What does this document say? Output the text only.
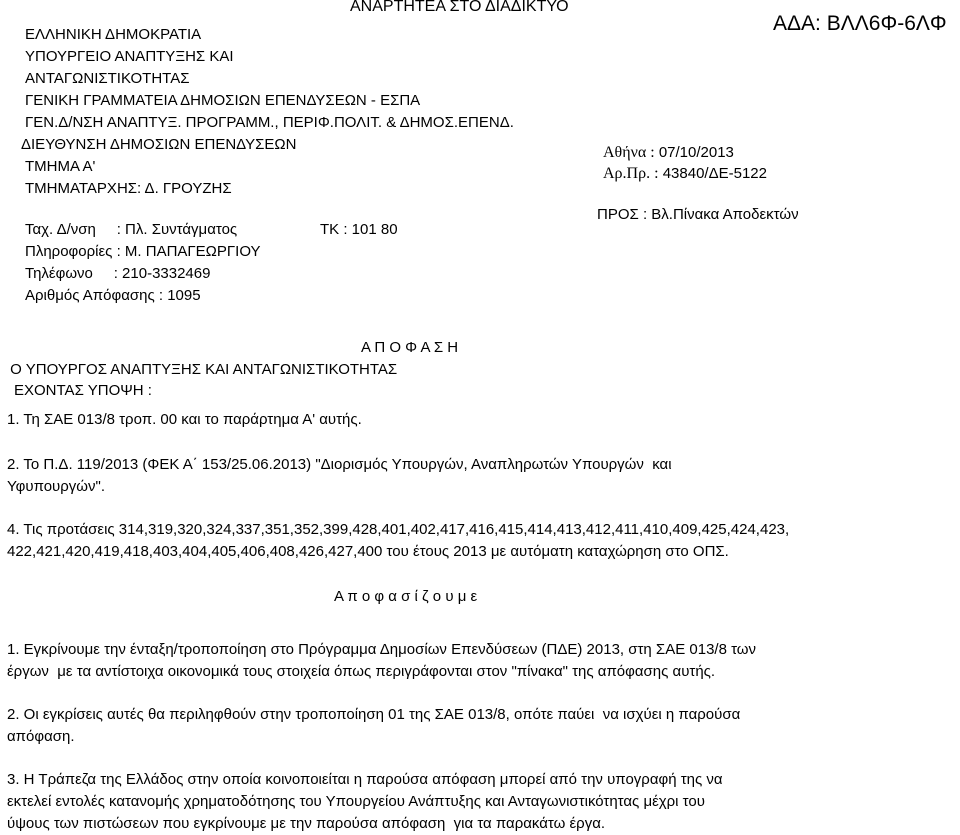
ΑΝΑΡΤΗΤΕΑ ΣΤΟ ΔΙΑΔΙΚΤΥΟ
ΑΔΑ: ΒΛΛ6Φ-6ΛΦ
ΕΛΛΗΝΙΚΗ ΔΗΜΟΚΡΑΤΙΑ
ΥΠΟΥΡΓΕΙΟ ΑΝΑΠΤΥΞΗΣ ΚΑΙ
ΑΝΤΑΓΩΝΙΣΤΙΚΟΤΗΤΑΣ
ΓΕΝΙΚΗ ΓΡΑΜΜΑΤΕΙΑ ΔΗΜΟΣΙΩΝ ΕΠΕΝΔΥΣΕΩΝ - ΕΣΠΑ
ΓΕΝ.Δ/ΝΣΗ ΑΝΑΠΤΥΞ. ΠΡΟΓΡΑΜΜ., ΠΕΡΙΦ.ΠΟΛΙΤ. & ΔΗΜΟΣ.ΕΠΕΝΔ.
ΔΙΕΥΘΥΝΣΗ ΔΗΜΟΣΙΩΝ ΕΠΕΝΔΥΣΕΩΝ
ΤΜΗΜΑ Α'
ΤΜΗΜΑΤΑΡΧΗΣ: Δ. ΓΡΟΥΖΗΣ
Αθήνα : 07/10/2013
Αρ.Πρ. : 43840/ΔΕ-5122
ΠΡΟΣ : Βλ.Πίνακα Αποδεκτών
Ταχ. Δ/νση     : Πλ. Συντάγματος	ΤΚ : 101 80
Πληροφορίες : Μ. ΠΑΠΑΓΕΩΡΓΙΟΥ
Τηλέφωνο     : 210-3332469
Αριθμός Απόφασης : 1095
Α Π Ο Φ Α Σ Η
Ο ΥΠΟΥΡΓΟΣ ΑΝΑΠΤΥΞΗΣ ΚΑΙ ΑΝΤΑΓΩΝΙΣΤΙΚΟΤΗΤΑΣ
ΕΧΟΝΤΑΣ ΥΠΟΨΗ :
1. Τη ΣΑΕ 013/8 τροπ. 00 και το παράρτημα Α' αυτής.
2. Το Π.Δ. 119/2013 (ΦΕΚ Α΄ 153/25.06.2013) "Διορισμός Υπουργών, Αναπληρωτών Υπουργών  και
Υφυπουργών".
4. Τις προτάσεις 314,319,320,324,337,351,352,399,428,401,402,417,416,415,414,413,412,411,410,409,425,424,423,
422,421,420,419,418,403,404,405,406,408,426,427,400 του έτους 2013 με αυτόματη καταχώρηση στο ΟΠΣ.
Α π ο φ α σ ί ζ ο υ μ ε
1. Εγκρίνουμε την ένταξη/τροποποίηση στο Πρόγραμμα Δημοσίων Επενδύσεων (ΠΔΕ) 2013, στη ΣΑΕ 013/8 των
έργων  με τα αντίστοιχα οικονομικά τους στοιχεία όπως περιγράφονται στον "πίνακα" της απόφασης αυτής.
2. Οι εγκρίσεις αυτές θα περιληφθούν στην τροποποίηση 01 της ΣΑΕ 013/8, οπότε παύει  να ισχύει η παρούσα
απόφαση.
3. Η Τράπεζα της Ελλάδος στην οποία κοινοποιείται η παρούσα απόφαση μπορεί από την υπογραφή της να
εκτελεί εντολές κατανομής χρηματοδότησης του Υπουργείου Ανάπτυξης και Ανταγωνιστικότητας μέχρι του
ύψους των πιστώσεων που εγκρίνουμε με την παρούσα απόφαση  για τα παρακάτω έργα.
